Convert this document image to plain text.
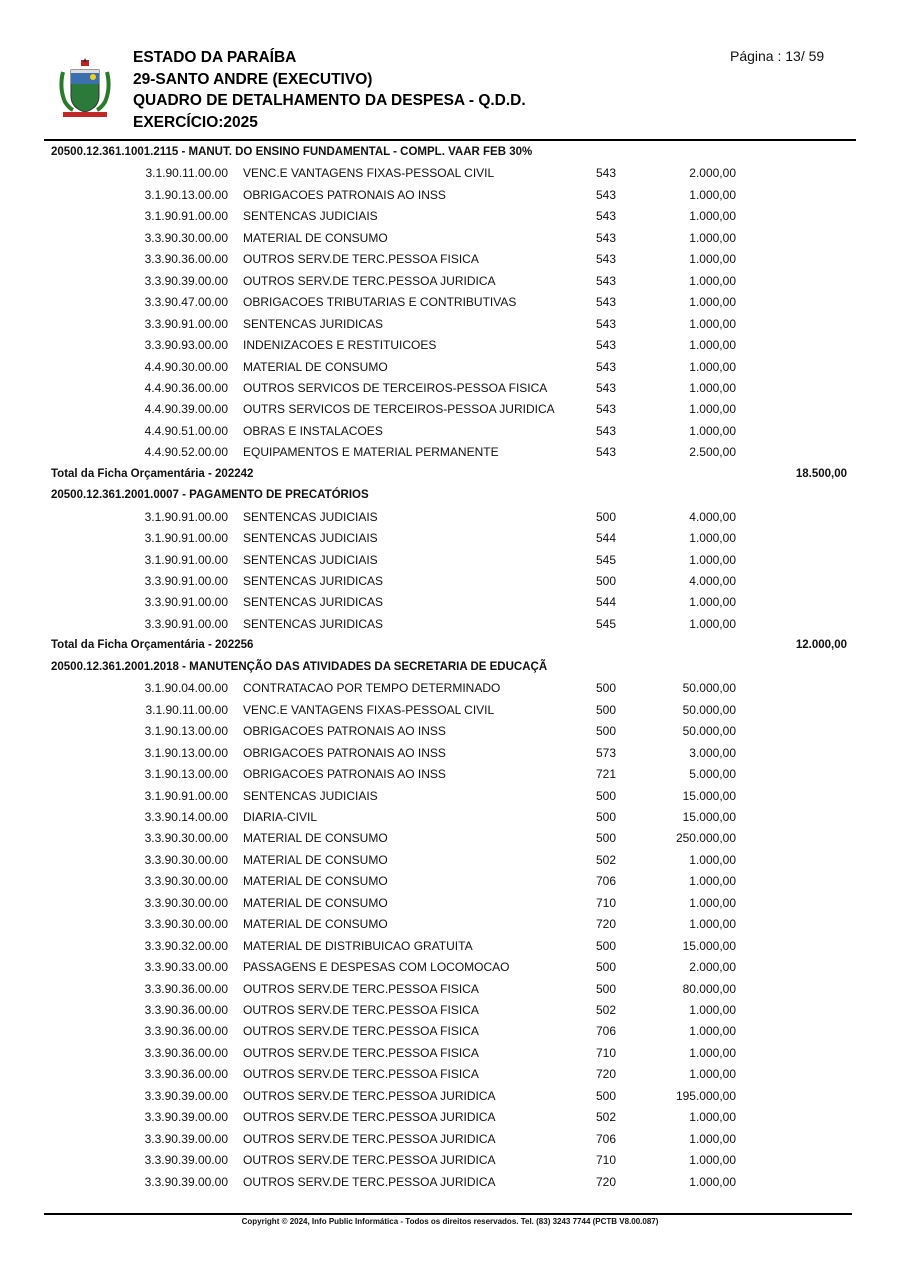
ESTADO DA PARAÍBA
29-SANTO ANDRE (EXECUTIVO)
QUADRO DE DETALHAMENTO DA DESPESA - Q.D.D.
EXERCÍCIO:2025
Página : 13/ 59
20500.12.361.1001.2115 - MANUT. DO ENSINO FUNDAMENTAL - COMPL. VAAR FEB 30%
3.1.90.11.00.00 VENC.E VANTAGENS FIXAS-PESSOAL CIVIL	543	2.000,00
3.1.90.13.00.00 OBRIGACOES PATRONAIS AO INSS	543	1.000,00
3.1.90.91.00.00 SENTENCAS JUDICIAIS	543	1.000,00
3.3.90.30.00.00 MATERIAL DE CONSUMO	543	1.000,00
3.3.90.36.00.00 OUTROS SERV.DE TERC.PESSOA FISICA	543	1.000,00
3.3.90.39.00.00 OUTROS SERV.DE TERC.PESSOA JURIDICA	543	1.000,00
3.3.90.47.00.00 OBRIGACOES TRIBUTARIAS E CONTRIBUTIVAS	543	1.000,00
3.3.90.91.00.00 SENTENCAS JURIDICAS	543	1.000,00
3.3.90.93.00.00 INDENIZACOES E RESTITUICOES	543	1.000,00
4.4.90.30.00.00 MATERIAL DE CONSUMO	543	1.000,00
4.4.90.36.00.00 OUTROS SERVICOS DE TERCEIROS-PESSOA FISICA	543	1.000,00
4.4.90.39.00.00 OUTRS SERVICOS DE TERCEIROS-PESSOA JURIDICA	543	1.000,00
4.4.90.51.00.00 OBRAS E INSTALACOES	543	1.000,00
4.4.90.52.00.00 EQUIPAMENTOS E MATERIAL PERMANENTE	543	2.500,00
Total da Ficha Orçamentária - 202242	18.500,00
20500.12.361.2001.0007 - PAGAMENTO DE PRECATÓRIOS
3.1.90.91.00.00 SENTENCAS JUDICIAIS	500	4.000,00
3.1.90.91.00.00 SENTENCAS JUDICIAIS	544	1.000,00
3.1.90.91.00.00 SENTENCAS JUDICIAIS	545	1.000,00
3.3.90.91.00.00 SENTENCAS JURIDICAS	500	4.000,00
3.3.90.91.00.00 SENTENCAS JURIDICAS	544	1.000,00
3.3.90.91.00.00 SENTENCAS JURIDICAS	545	1.000,00
Total da Ficha Orçamentária - 202256	12.000,00
20500.12.361.2001.2018 - MANUTENÇÃO DAS ATIVIDADES DA SECRETARIA DE EDUCAÇÃ
3.1.90.04.00.00 CONTRATACAO POR TEMPO DETERMINADO	500	50.000,00
3.1.90.11.00.00 VENC.E VANTAGENS FIXAS-PESSOAL CIVIL	500	50.000,00
3.1.90.13.00.00 OBRIGACOES PATRONAIS AO INSS	500	50.000,00
3.1.90.13.00.00 OBRIGACOES PATRONAIS AO INSS	573	3.000,00
3.1.90.13.00.00 OBRIGACOES PATRONAIS AO INSS	721	5.000,00
3.1.90.91.00.00 SENTENCAS JUDICIAIS	500	15.000,00
3.3.90.14.00.00 DIARIA-CIVIL	500	15.000,00
3.3.90.30.00.00 MATERIAL DE CONSUMO	500	250.000,00
3.3.90.30.00.00 MATERIAL DE CONSUMO	502	1.000,00
3.3.90.30.00.00 MATERIAL DE CONSUMO	706	1.000,00
3.3.90.30.00.00 MATERIAL DE CONSUMO	710	1.000,00
3.3.90.30.00.00 MATERIAL DE CONSUMO	720	1.000,00
3.3.90.32.00.00 MATERIAL DE DISTRIBUICAO GRATUITA	500	15.000,00
3.3.90.33.00.00 PASSAGENS E DESPESAS COM LOCOMOCAO	500	2.000,00
3.3.90.36.00.00 OUTROS SERV.DE TERC.PESSOA FISICA	500	80.000,00
3.3.90.36.00.00 OUTROS SERV.DE TERC.PESSOA FISICA	502	1.000,00
3.3.90.36.00.00 OUTROS SERV.DE TERC.PESSOA FISICA	706	1.000,00
3.3.90.36.00.00 OUTROS SERV.DE TERC.PESSOA FISICA	710	1.000,00
3.3.90.36.00.00 OUTROS SERV.DE TERC.PESSOA FISICA	720	1.000,00
3.3.90.39.00.00 OUTROS SERV.DE TERC.PESSOA JURIDICA	500	195.000,00
3.3.90.39.00.00 OUTROS SERV.DE TERC.PESSOA JURIDICA	502	1.000,00
3.3.90.39.00.00 OUTROS SERV.DE TERC.PESSOA JURIDICA	706	1.000,00
3.3.90.39.00.00 OUTROS SERV.DE TERC.PESSOA JURIDICA	710	1.000,00
3.3.90.39.00.00 OUTROS SERV.DE TERC.PESSOA JURIDICA	720	1.000,00
Copyright © 2024, Info Public Informática - Todos os direitos reservados. Tel. (83) 3243 7744 (PCTB V8.00.087)
